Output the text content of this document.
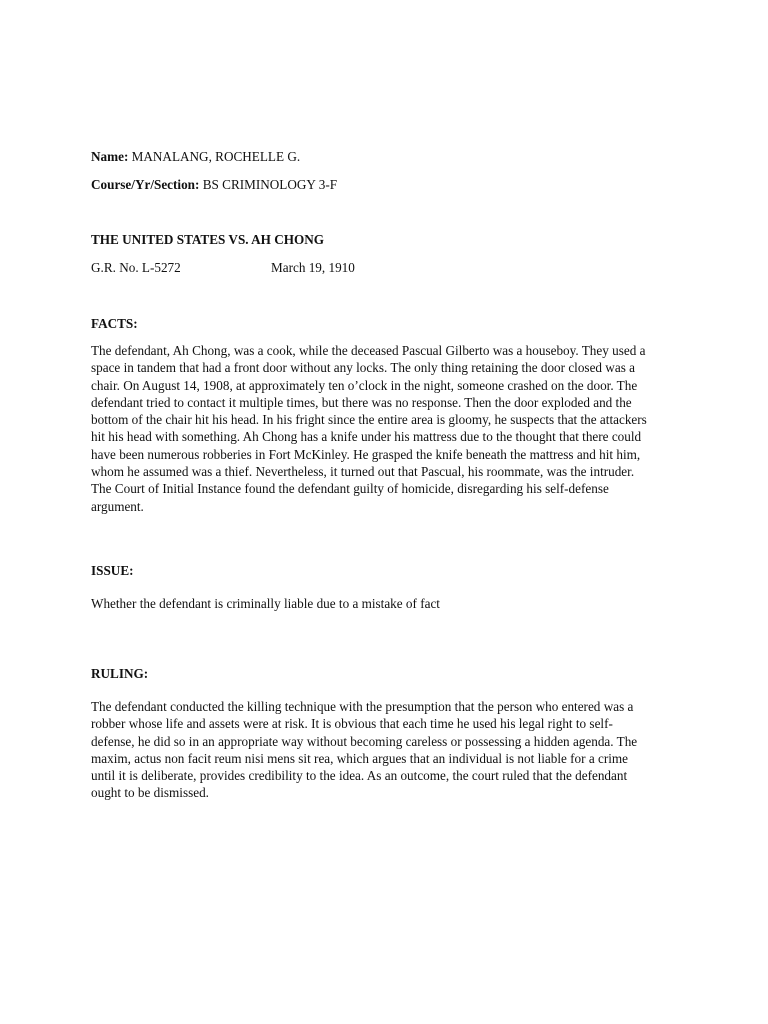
Name: MANALANG, ROCHELLE G.

Course/Yr/Section: BS CRIMINOLOGY 3-F

THE UNITED STATES VS. AH CHONG

G.R. No. L-5272	March 19, 1910

FACTS:

The defendant, Ah Chong, was a cook, while the deceased Pascual Gilberto was a houseboy. They used a
space in tandem that had a front door without any locks. The only thing retaining the door closed was a
chair. On August 14, 1908, at approximately ten o’clock in the night, someone crashed on the door. The
defendant tried to contact it multiple times, but there was no response. Then the door exploded and the
bottom of the chair hit his head. In his fright since the entire area is gloomy, he suspects that the attackers
hit his head with something. Ah Chong has a knife under his mattress due to the thought that there could
have been numerous robberies in Fort McKinley. He grasped the knife beneath the mattress and hit him,
whom he assumed was a thief. Nevertheless, it turned out that Pascual, his roommate, was the intruder.
The Court of Initial Instance found the defendant guilty of homicide, disregarding his self-defense
argument.

ISSUE:

Whether the defendant is criminally liable due to a mistake of fact

RULING:

The defendant conducted the killing technique with the presumption that the person who entered was a
robber whose life and assets were at risk. It is obvious that each time he used his legal right to self-
defense, he did so in an appropriate way without becoming careless or possessing a hidden agenda. The
maxim, actus non facit reum nisi mens sit rea, which argues that an individual is not liable for a crime
until it is deliberate, provides credibility to the idea. As an outcome, the court ruled that the defendant
ought to be dismissed.
